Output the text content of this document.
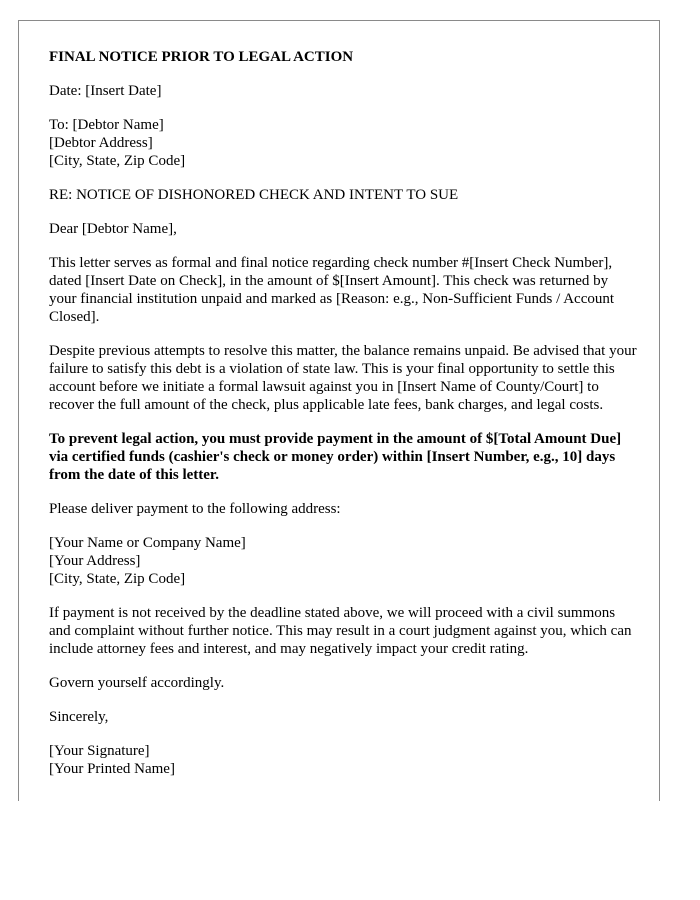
FINAL NOTICE PRIOR TO LEGAL ACTION

Date: [Insert Date]

To: [Debtor Name]
[Debtor Address]
[City, State, Zip Code]

RE: NOTICE OF DISHONORED CHECK AND INTENT TO SUE

Dear [Debtor Name],

This letter serves as formal and final notice regarding check number #[Insert Check Number], dated [Insert Date on Check], in the amount of $[Insert Amount]. This check was returned by your financial institution unpaid and marked as [Reason: e.g., Non-Sufficient Funds / Account Closed].

Despite previous attempts to resolve this matter, the balance remains unpaid. Be advised that your failure to satisfy this debt is a violation of state law. This is your final opportunity to settle this account before we initiate a formal lawsuit against you in [Insert Name of County/Court] to recover the full amount of the check, plus applicable late fees, bank charges, and legal costs.

To prevent legal action, you must provide payment in the amount of $[Total Amount Due] via certified funds (cashier's check or money order) within [Insert Number, e.g., 10] days from the date of this letter.

Please deliver payment to the following address:

[Your Name or Company Name]
[Your Address]
[City, State, Zip Code]

If payment is not received by the deadline stated above, we will proceed with a civil summons and complaint without further notice. This may result in a court judgment against you, which can include attorney fees and interest, and may negatively impact your credit rating.

Govern yourself accordingly.

Sincerely,

[Your Signature]
[Your Printed Name]
